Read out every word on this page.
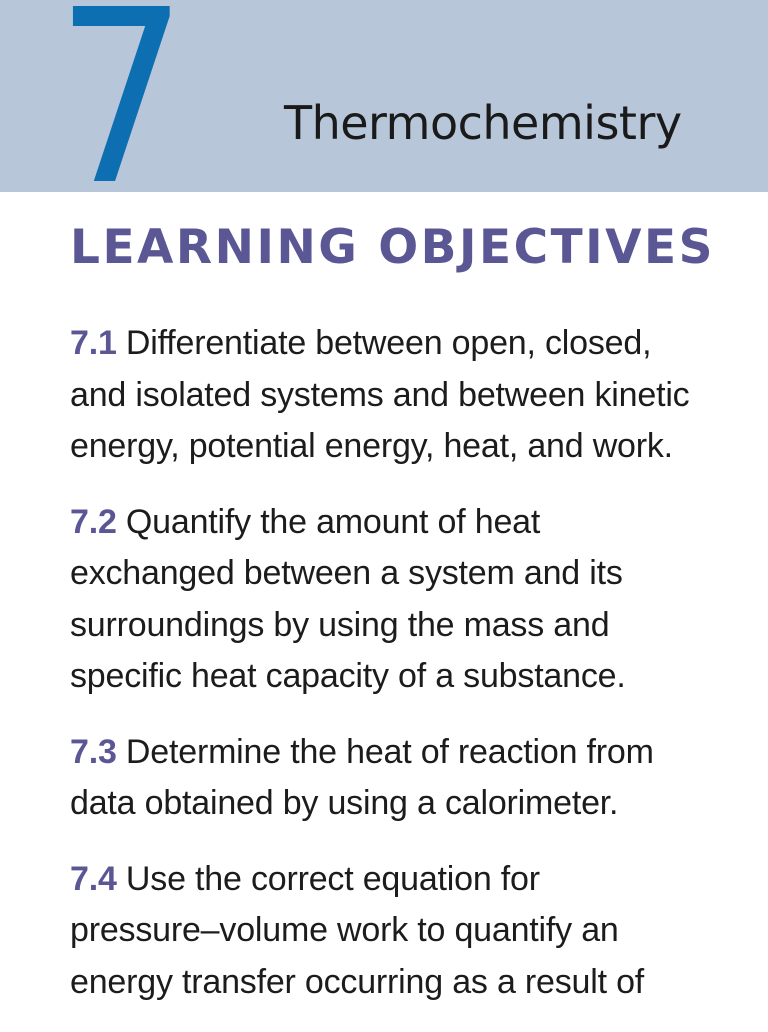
7 Thermochemistry
LEARNING OBJECTIVES

7.1 Differentiate between open, closed,
and isolated systems and between kinetic
energy, potential energy, heat, and work.

7.2 Quantify the amount of heat
exchanged between a system and its
surroundings by using the mass and
specific heat capacity of a substance.

7.3 Determine the heat of reaction from
data obtained by using a calorimeter.

7.4 Use the correct equation for
pressure–volume work to quantify an
energy transfer occurring as a result of
